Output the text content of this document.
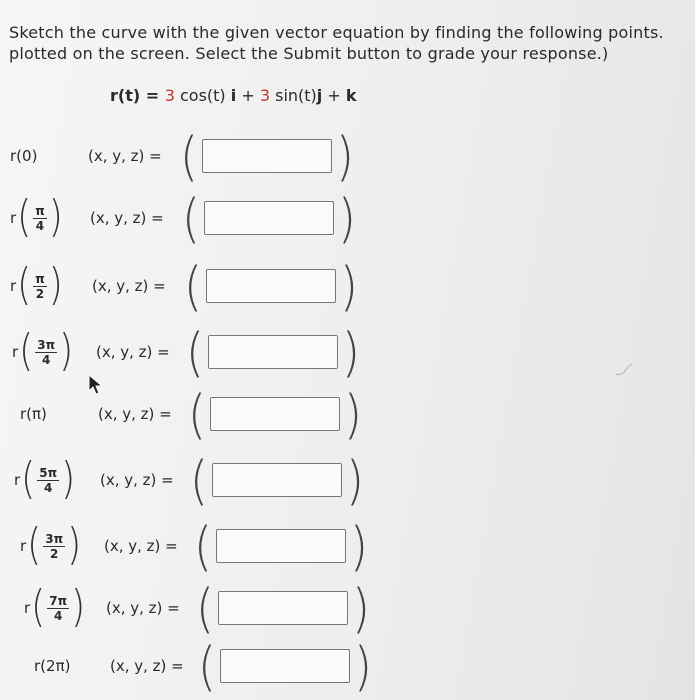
Sketch the curve with the given vector equation by finding the following points.
plotted on the screen. Select the Submit button to grade your response.)
r(t) = 3 cos(t) i + 3 sin(t)j + k
r(0)	(x, y, z) = (	)
r ( $\frac{\pi}{4}$ ) (x, y, z) = (	)
r ( $\frac{\pi}{2}$ ) (x, y, z) = (	)
r ( $\frac{3\pi}{4}$ ) (x, y, z) = (	)
r(π)	(x, y, z) = (	)
r ( $\frac{5\pi}{4}$ ) (x, y, z) = (	)
r ( $\frac{3\pi}{2}$ ) (x, y, z) = (	)
r ( $\frac{7\pi}{4}$ ) (x, y, z) = (	)
r(2π)	(x, y, z) = (	)
